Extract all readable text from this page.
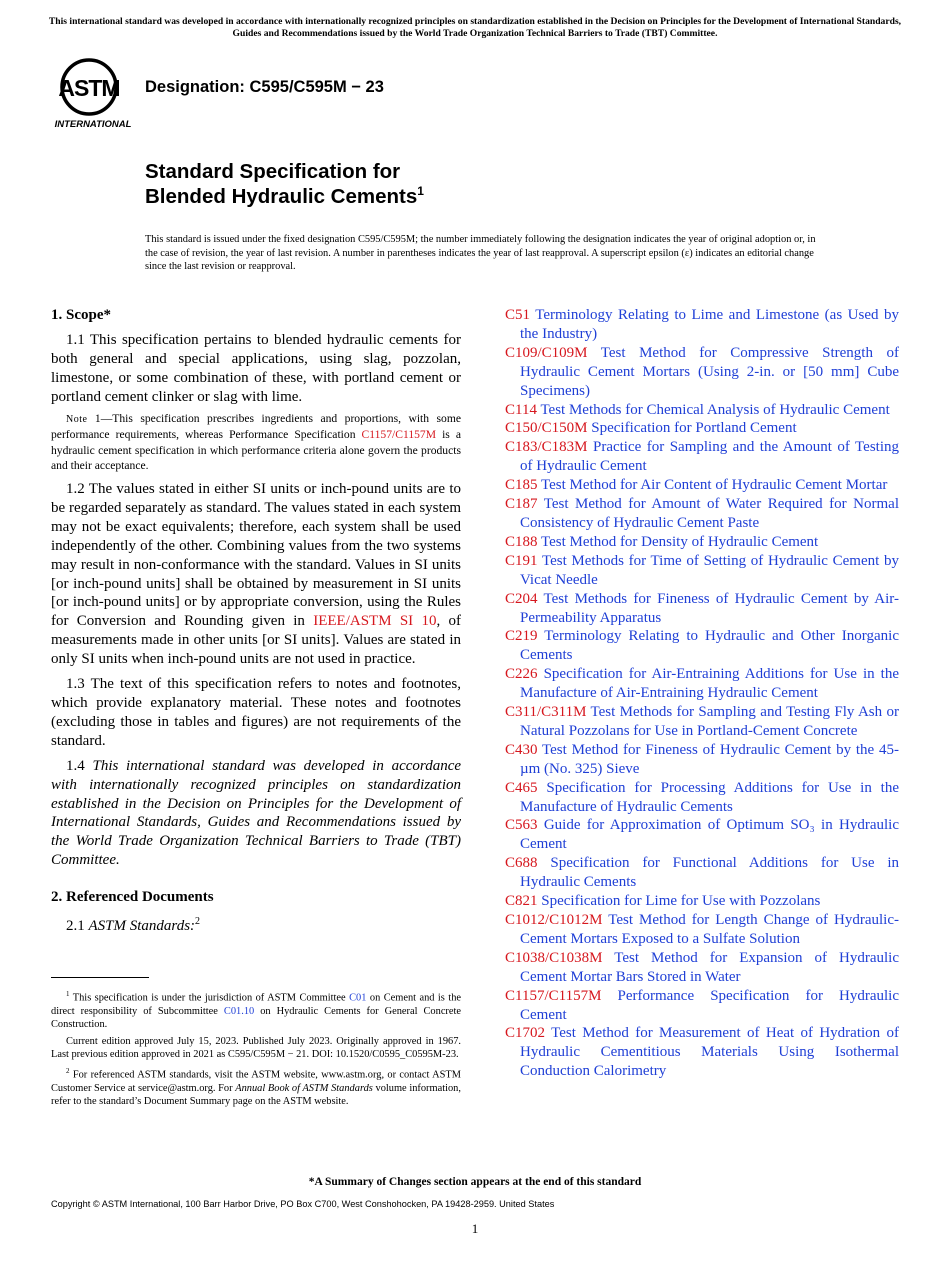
This international standard was developed in accordance with internationally recognized principles on standardization established in the Decision on Principles for the Development of International Standards, Guides and Recommendations issued by the World Trade Organization Technical Barriers to Trade (TBT) Committee.
ASTM
INTERNATIONAL
Designation: C595/C595M − 23
Standard Specification for
Blended Hydraulic Cements$^1$
This standard is issued under the fixed designation C595/C595M; the number immediately following the designation indicates the year of original adoption or, in the case of revision, the year of last revision. A number in parentheses indicates the year of last reapproval. A superscript epsilon (ε) indicates an editorial change since the last revision or reapproval.
1. Scope*

1.1 This specification pertains to blended hydraulic cements for both general and special applications, using slag, pozzolan, limestone, or some combination of these, with portland cement or portland cement clinker or slag with lime.

Note 1—This specification prescribes ingredients and proportions, with some performance requirements, whereas Performance Specification C1157/C1157M is a hydraulic cement specification in which performance criteria alone govern the products and their acceptance.

1.2 The values stated in either SI units or inch-pound units are to be regarded separately as standard. The values stated in each system may not be exact equivalents; therefore, each system shall be used independently of the other. Combining values from the two systems may result in non-conformance with the standard. Values in SI units [or inch-pound units] shall be obtained by measurement in SI units [or inch-pound units] or by appropriate conversion, using the Rules for Conversion and Rounding given in IEEE/ASTM SI 10, of measurements made in other units [or SI units]. Values are stated in only SI units when inch-pound units are not used in practice.

1.3 The text of this specification refers to notes and footnotes, which provide explanatory material. These notes and footnotes (excluding those in tables and figures) are not requirements of the standard.

1.4 This international standard was developed in accordance with internationally recognized principles on standardization established in the Decision on Principles for the Development of International Standards, Guides and Recommendations issued by the World Trade Organization Technical Barriers to Trade (TBT) Committee.

2. Referenced Documents

2.1 ASTM Standards:$^2$

C51 Terminology Relating to Lime and Limestone (as Used by the Industry)

C109/C109M Test Method for Compressive Strength of Hydraulic Cement Mortars (Using 2-in. or [50 mm] Cube Specimens)

C114 Test Methods for Chemical Analysis of Hydraulic Cement

C150/C150M Specification for Portland Cement

C183/C183M Practice for Sampling and the Amount of Testing of Hydraulic Cement

C185 Test Method for Air Content of Hydraulic Cement Mortar

C187 Test Method for Amount of Water Required for Normal Consistency of Hydraulic Cement Paste

C188 Test Method for Density of Hydraulic Cement

C191 Test Methods for Time of Setting of Hydraulic Cement by Vicat Needle

C204 Test Methods for Fineness of Hydraulic Cement by Air-Permeability Apparatus

C219 Terminology Relating to Hydraulic and Other Inorganic Cements

C226 Specification for Air-Entraining Additions for Use in the Manufacture of Air-Entraining Hydraulic Cement

C311/C311M Test Methods for Sampling and Testing Fly Ash or Natural Pozzolans for Use in Portland-Cement Concrete

C430 Test Method for Fineness of Hydraulic Cement by the 45-µm (No. 325) Sieve

C465 Specification for Processing Additions for Use in the Manufacture of Hydraulic Cements

C563 Guide for Approximation of Optimum SO₃ in Hydraulic Cement

C688 Specification for Functional Additions for Use in Hydraulic Cements

C821 Specification for Lime for Use with Pozzolans

C1012/C1012M Test Method for Length Change of Hydraulic-Cement Mortars Exposed to a Sulfate Solution

C1038/C1038M Test Method for Expansion of Hydraulic Cement Mortar Bars Stored in Water

C1157/C1157M Performance Specification for Hydraulic Cement

C1702 Test Method for Measurement of Heat of Hydration of Hydraulic Cementitious Materials Using Isothermal Conduction Calorimetry

$^1$ This specification is under the jurisdiction of ASTM Committee C01 on Cement and is the direct responsibility of Subcommittee C01.10 on Hydraulic Cements for General Concrete Construction.

Current edition approved July 15, 2023. Published July 2023. Originally approved in 1967. Last previous edition approved in 2021 as C595/C595M − 21. DOI: 10.1520/C0595_C0595M-23.

$^2$ For referenced ASTM standards, visit the ASTM website, www.astm.org, or contact ASTM Customer Service at service@astm.org. For Annual Book of ASTM Standards volume information, refer to the standard’s Document Summary page on the ASTM website.

*A Summary of Changes section appears at the end of this standard
Copyright © ASTM International, 100 Barr Harbor Drive, PO Box C700, West Conshohocken, PA 19428-2959. United States
1
